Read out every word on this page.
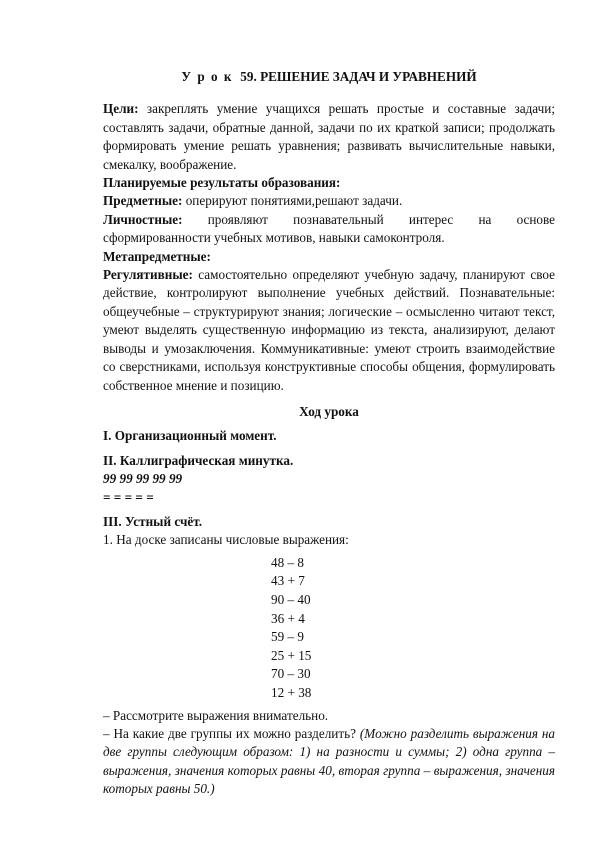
У р о к 59. РЕШЕНИЕ ЗАДАЧ И УРАВНЕНИЙ

Цели: закреплять умение учащихся решать простые и составные задачи; составлять задачи, обратные данной, задачи по их краткой записи; продолжать формировать умение решать уравнения; развивать вычислительные навыки, смекалку, воображение.

Планируемые результаты образования:

Предметные: оперируют понятиями,решают задачи.

Личностные: проявляют познавательный интерес на основе сформированности учебных мотивов, навыки самоконтроля.

Метапредметные:

Регулятивные: самостоятельно определяют учебную задачу, планируют свое действие, контролируют выполнение учебных действий. Познавательные: общеучебные – структурируют знания; логические – осмысленно читают текст, умеют выделять существенную информацию из текста, анализируют, делают выводы и умозаключения. Коммуникативные: умеют строить взаимодействие со сверстниками, используя конструктивные способы общения, формулировать собственное мнение и позицию.

Ход урока

I. Организационный момент.

II. Каллиграфическая минутка.

99 99 99 99 99

= = = = =

III. Устный счёт.

1. На доске записаны числовые выражения:

48 – 8
43 + 7
90 – 40
36 + 4
59 – 9
25 + 15
70 – 30
12 + 38

– Рассмотрите выражения внимательно.

– На какие две группы их можно разделить? (Можно разделить выражения на две группы следующим образом: 1) на разности и суммы; 2) одна группа – выражения, значения которых равны 40, вторая группа – выражения, значения которых равны 50.)
